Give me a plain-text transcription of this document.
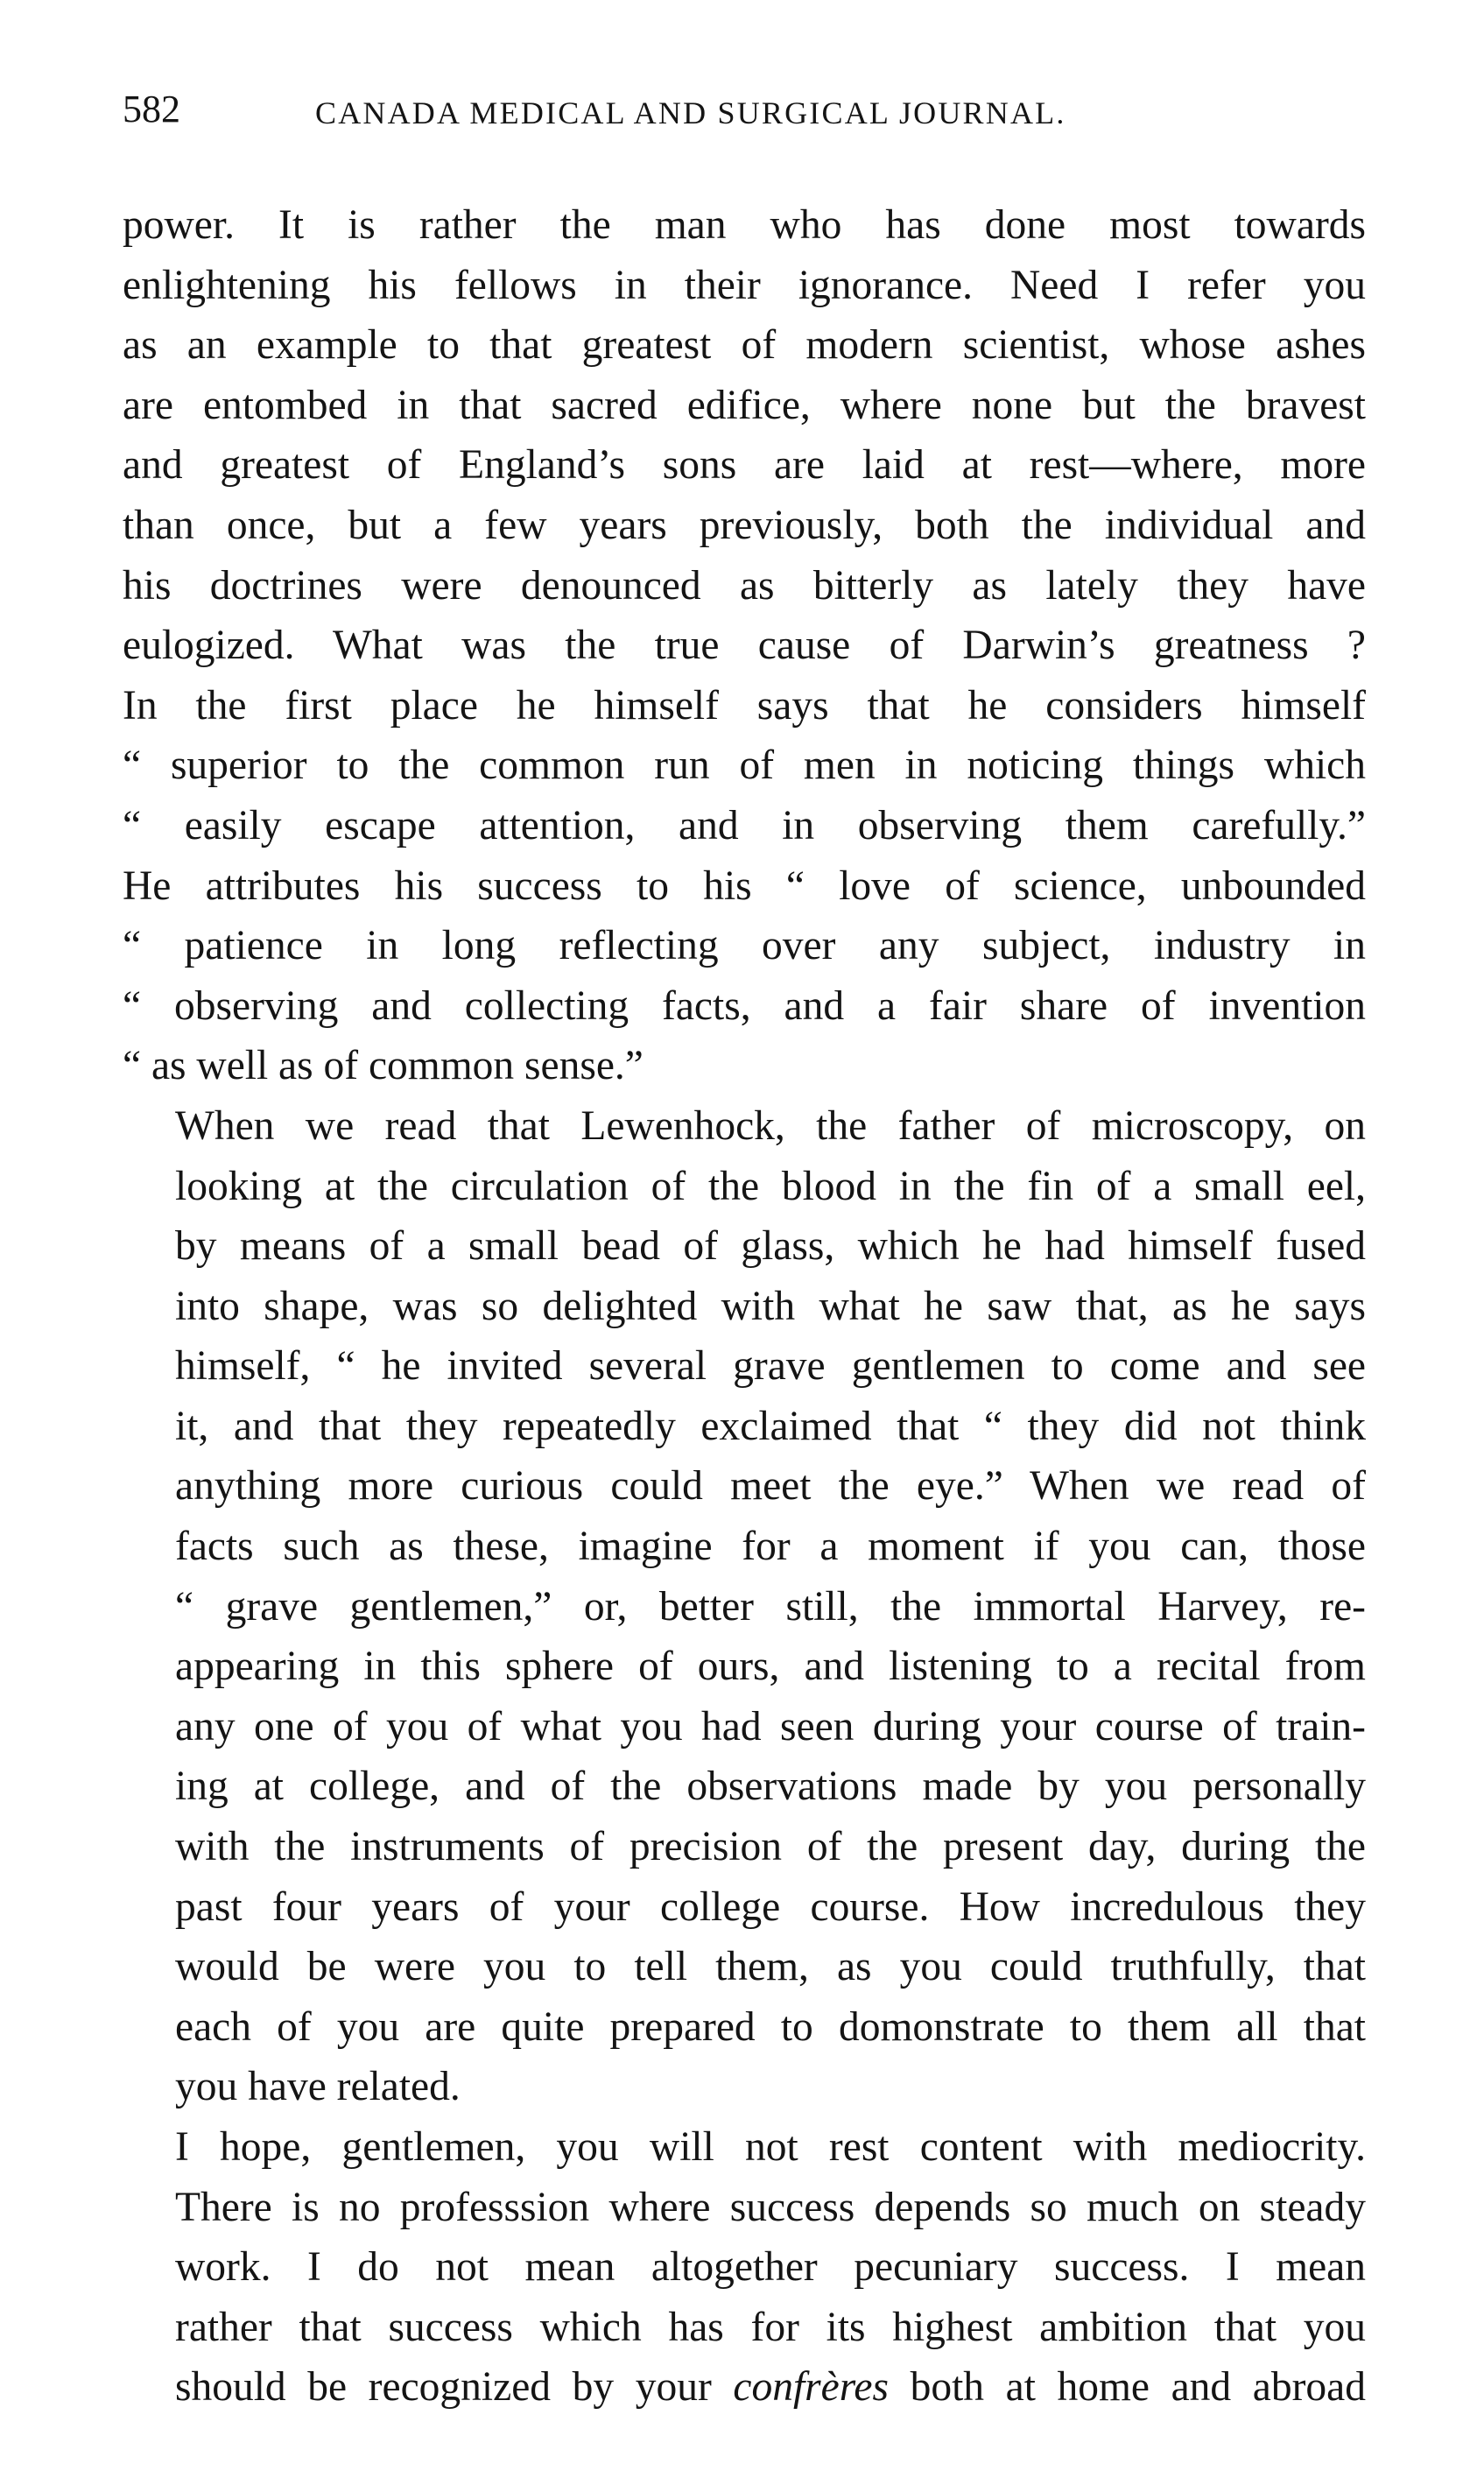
582	CANADA MEDICAL AND SURGICAL JOURNAL.

power. It is rather the man who has done most towards
enlightening his fellows in their ignorance. Need I refer you
as an example to that greatest of modern scientist, whose ashes
are entombed in that sacred edifice, where none but the bravest
and greatest of England’s sons are laid at rest—where, more
than once, but a few years previously, both the individual and
his doctrines were denounced as bitterly as lately they have
eulogized. What was the true cause of Darwin’s greatness ?
In the first place he himself says that he considers himself
“ superior to the common run of men in noticing things which
“ easily escape attention, and in observing them carefully.”
He attributes his success to his “ love of science, unbounded
“ patience in long reflecting over any subject, industry in
“ observing and collecting facts, and a fair share of invention
“ as well as of common sense.”

When we read that Lewenhock, the father of microscopy, on
looking at the circulation of the blood in the fin of a small eel,
by means of a small bead of glass, which he had himself fused
into shape, was so delighted with what he saw that, as he says
himself, “ he invited several grave gentlemen to come and see
it, and that they repeatedly exclaimed that “ they did not think
anything more curious could meet the eye.” When we read of
facts such as these, imagine for a moment if you can, those
“ grave gentlemen,” or, better still, the immortal Harvey, re-
appearing in this sphere of ours, and listening to a recital from
any one of you of what you had seen during your course of train-
ing at college, and of the observations made by you personally
with the instruments of precision of the present day, during the
past four years of your college course. How incredulous they
would be were you to tell them, as you could truthfully, that
each of you are quite prepared to domonstrate to them all that
you have related.

I hope, gentlemen, you will not rest content with mediocrity.
There is no professsion where success depends so much on steady
work. I do not mean altogether pecuniary success. I mean
rather that success which has for its highest ambition that you
should be recognized by your confrères both at home and abroad
